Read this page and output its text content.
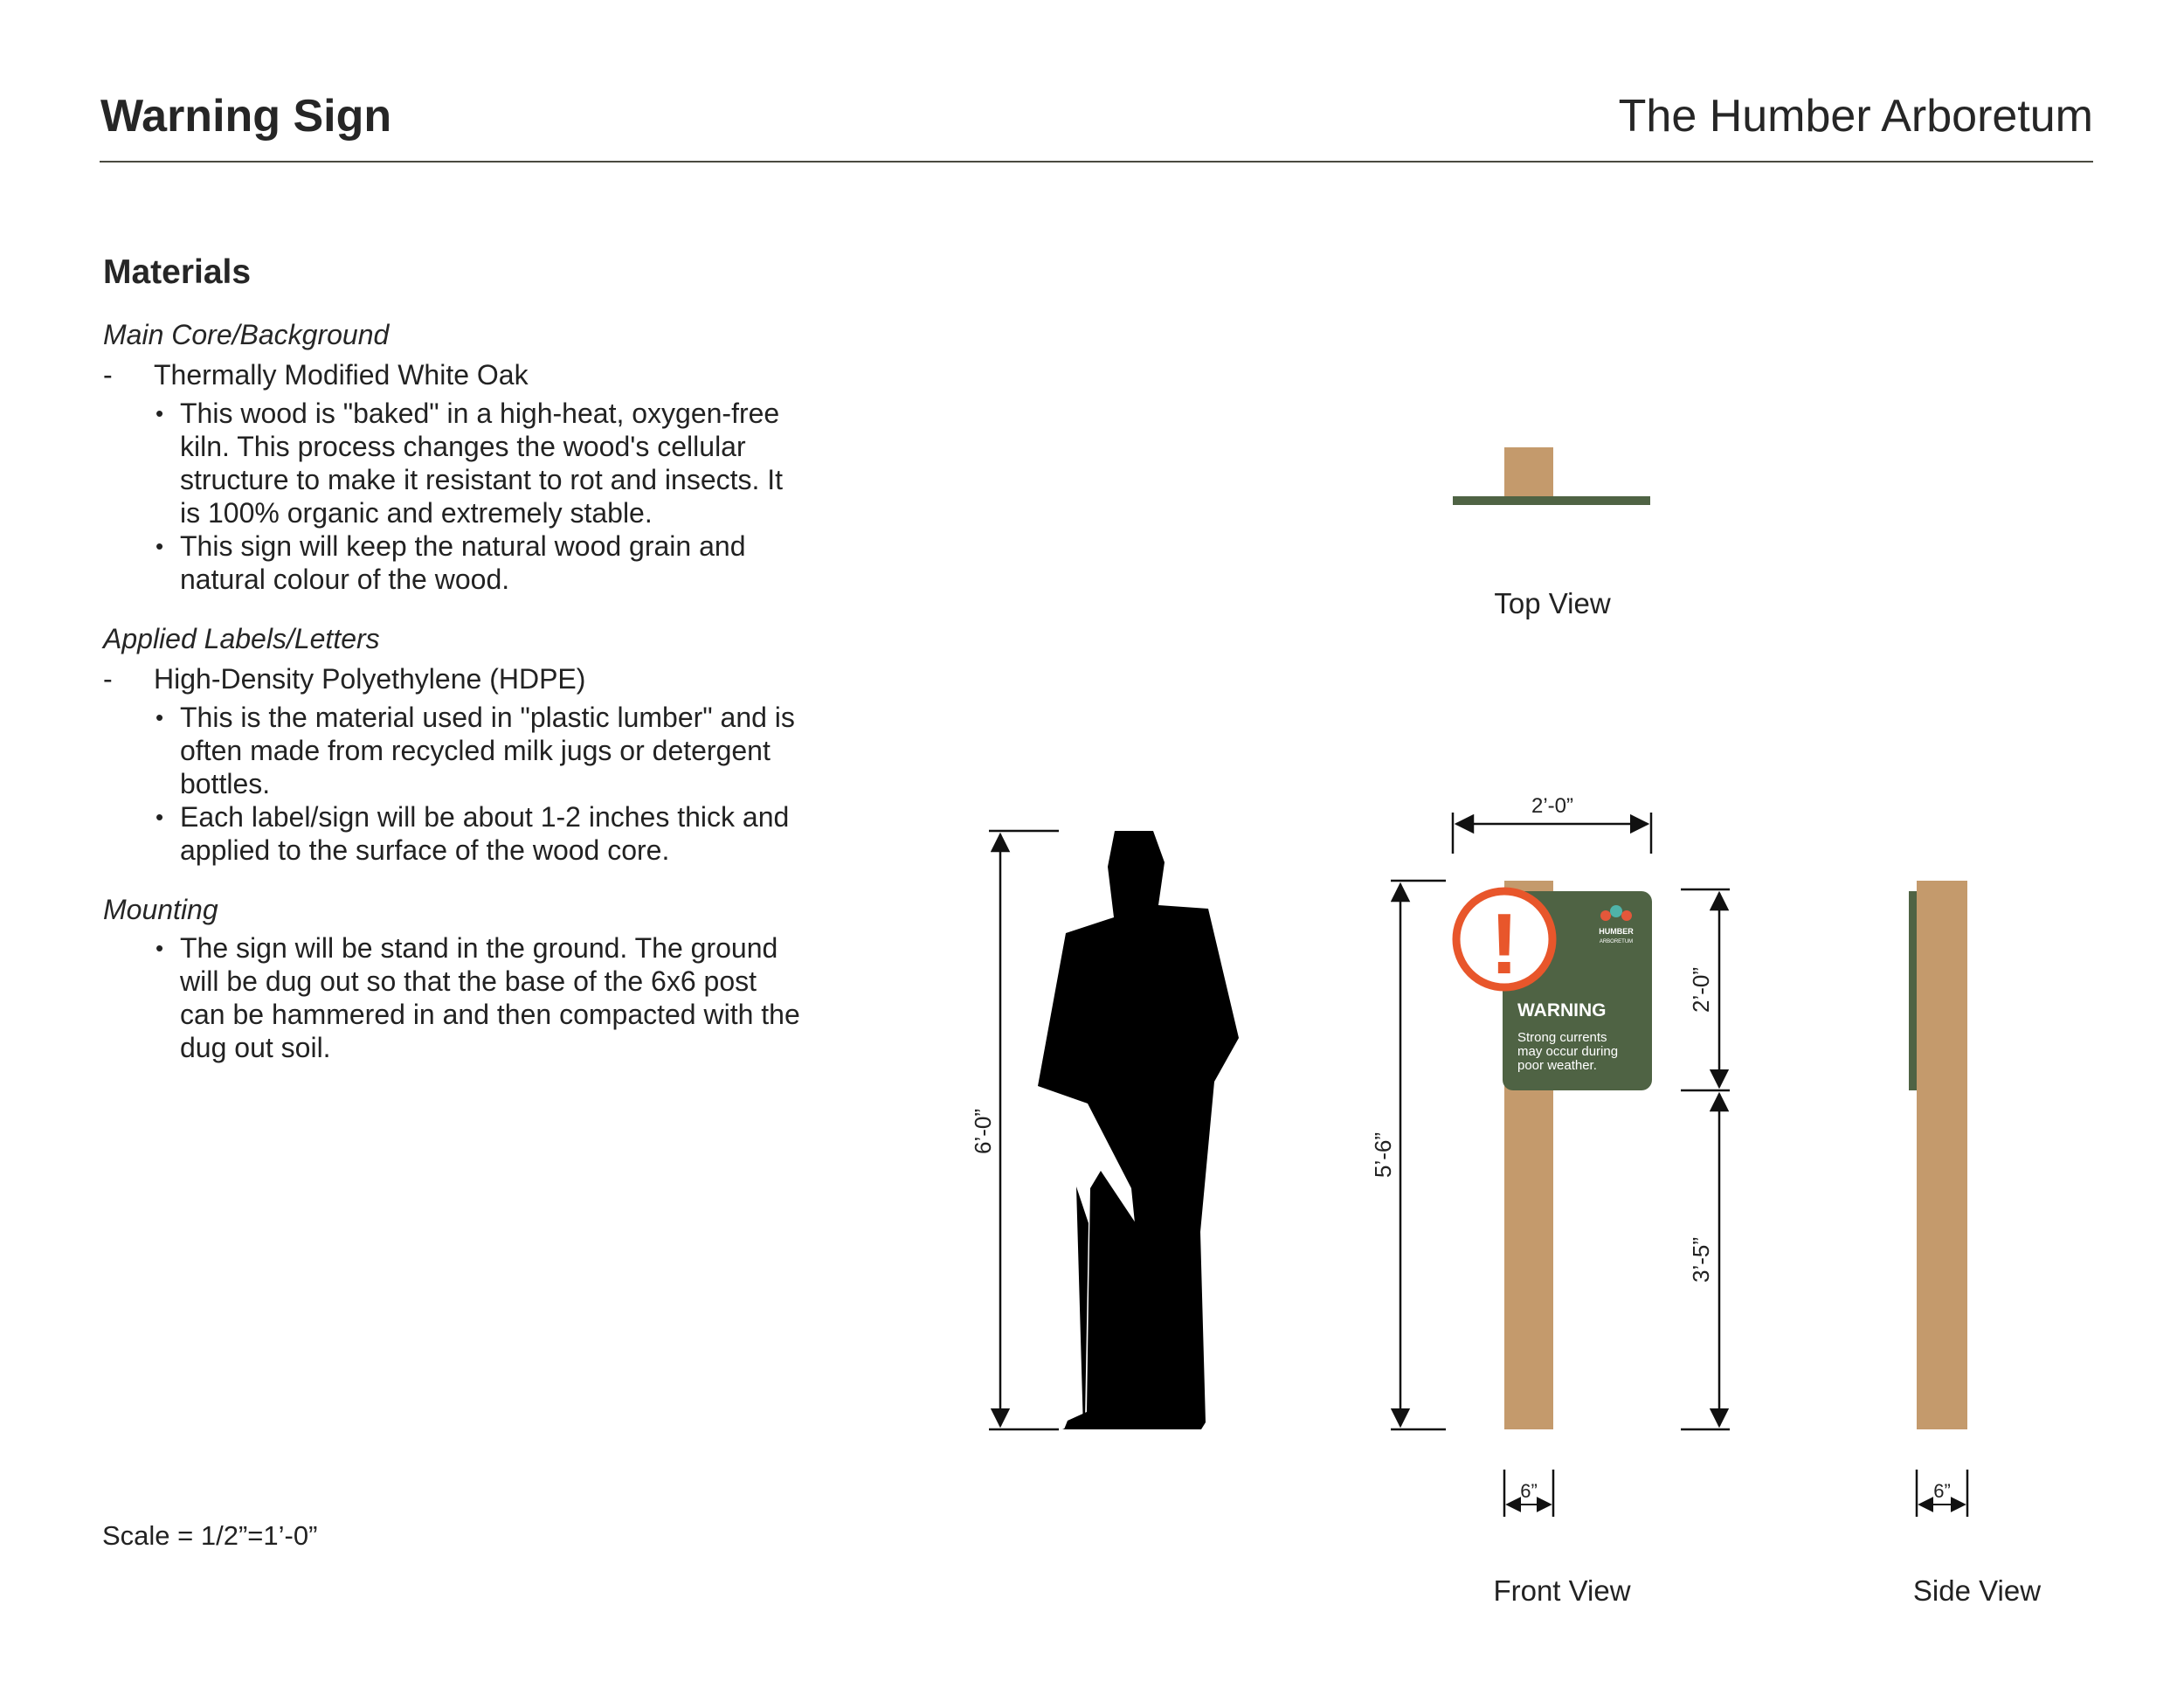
Warning Sign	The Humber Arboretum
Materials

Main Core/Background

-	Thermally Modified White Oak
• This wood is "baked" in a high-heat, oxygen-free kiln. This process changes the wood's cellular structure to make it resistant to rot and insects. It is 100% organic and extremely stable.
• This sign will keep the natural wood grain and natural colour of the wood.

Applied Labels/Letters

-	High-Density Polyethylene (HDPE)
• This is the material used in "plastic lumber" and is often made from recycled milk jugs or detergent bottles.
• Each label/sign will be about 1-2 inches thick and applied to the surface of the wood core.

Mounting

• The sign will be stand in the ground. The ground will be dug out so that the base of the 6x6 post can be hammered in and then compacted with the dug out soil.
Scale = 1/2”=1’-0”
Top View
6’-0”
!	HUMBER
ARBORETUM
WARNING
Strong currents
may occur during
poor weather.
2’-0”
5’-6”
2’-0”
3’-5”
6”
Front View
6”
Side View
